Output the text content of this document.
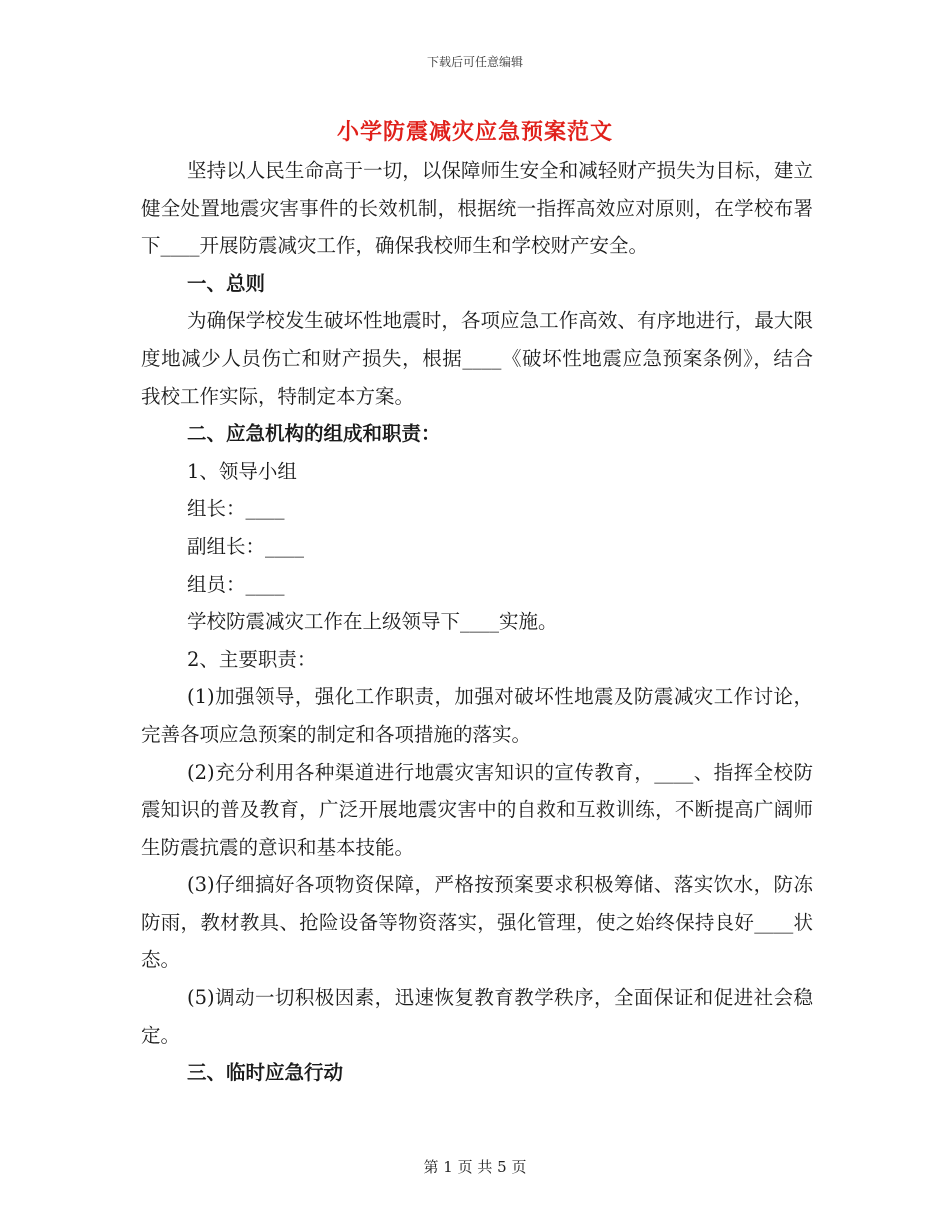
下载后可任意编辑
小学防震减灾应急预案范文

坚持以人民生命高于一切，以保障师生安全和减轻财产损失为目标，建立健全处置地震灾害事件的长效机制，根据统一指挥高效应对原则，在学校布署下____开展防震减灾工作，确保我校师生和学校财产安全。

一、总则

为确保学校发生破坏性地震时，各项应急工作高效、有序地进行，最大限度地减少人员伤亡和财产损失，根据____《破坏性地震应急预案条例》，结合我校工作实际，特制定本方案。

二、应急机构的组成和职责：

1、领导小组

组长：____

副组长：____

组员：____

学校防震减灾工作在上级领导下____实施。

2、主要职责：

(1)加强领导，强化工作职责，加强对破坏性地震及防震减灾工作讨论，完善各项应急预案的制定和各项措施的落实。

(2)充分利用各种渠道进行地震灾害知识的宣传教育，____、指挥全校防震知识的普及教育，广泛开展地震灾害中的自救和互救训练，不断提高广阔师生防震抗震的意识和基本技能。

(3)仔细搞好各项物资保障，严格按预案要求积极筹储、落实饮水，防冻防雨，教材教具、抢险设备等物资落实，强化管理，使之始终保持良好____状态。

(5)调动一切积极因素，迅速恢复教育教学秩序，全面保证和促进社会稳定。

三、临时应急行动

第 1 页 共 5 页
